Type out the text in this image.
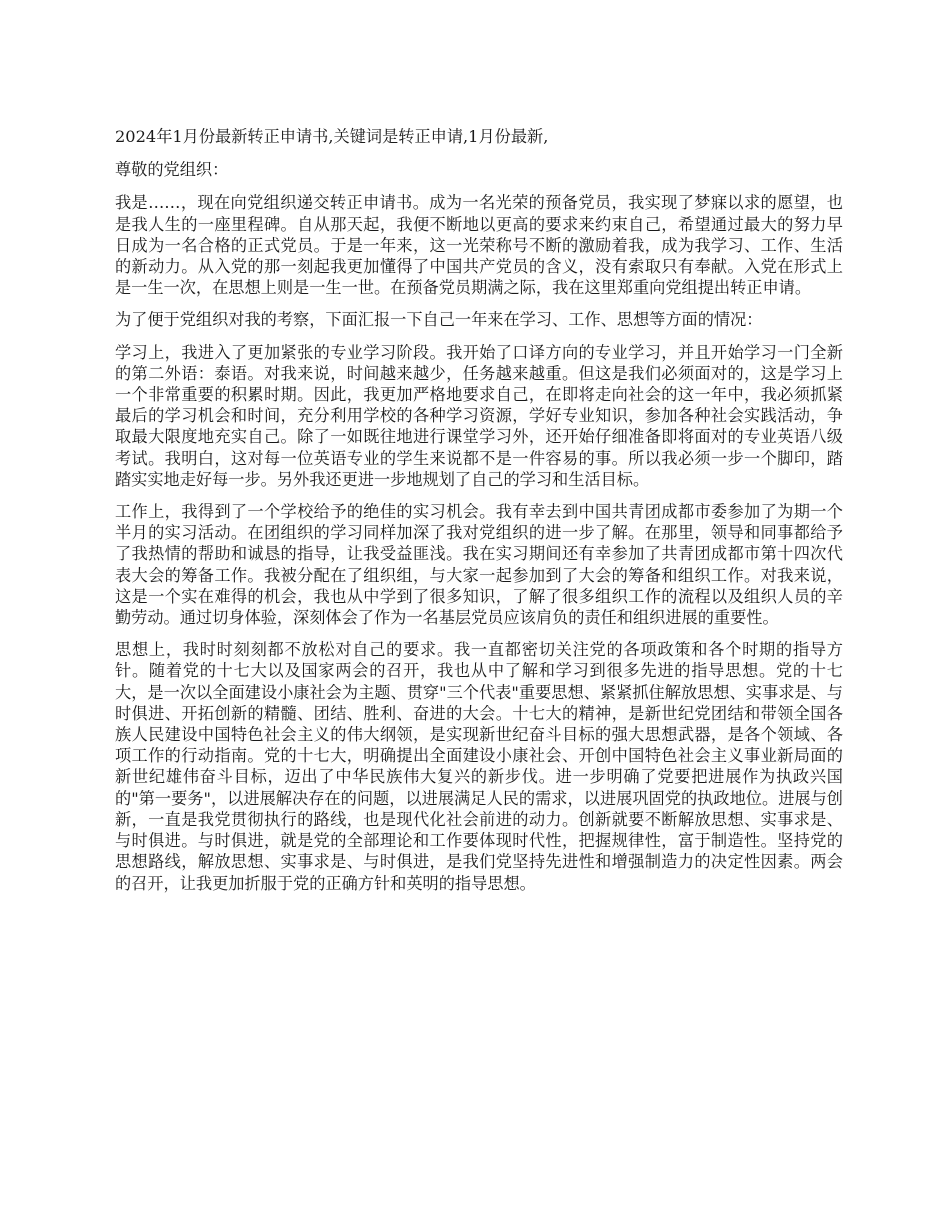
2024年1月份最新转正申请书,关键词是转正申请,1月份最新,

尊敬的党组织：

我是……，现在向党组织递交转正申请书。成为一名光荣的预备党员，我实现了梦寐以求的愿望，也是我人生的一座里程碑。自从那天起，我便不断地以更高的要求来约束自己，希望通过最大的努力早日成为一名合格的正式党员。于是一年来，这一光荣称号不断的激励着我，成为我学习、工作、生活的新动力。从入党的那一刻起我更加懂得了中国共产党员的含义，没有索取只有奉献。入党在形式上是一生一次，在思想上则是一生一世。在预备党员期满之际，我在这里郑重向党组提出转正申请。

为了便于党组织对我的考察，下面汇报一下自己一年来在学习、工作、思想等方面的情况：

学习上，我进入了更加紧张的专业学习阶段。我开始了口译方向的专业学习，并且开始学习一门全新的第二外语：泰语。对我来说，时间越来越少，任务越来越重。但这是我们必须面对的，这是学习上一个非常重要的积累时期。因此，我更加严格地要求自己，在即将走向社会的这一年中，我必须抓紧最后的学习机会和时间，充分利用学校的各种学习资源，学好专业知识，参加各种社会实践活动，争取最大限度地充实自己。除了一如既往地进行课堂学习外，还开始仔细准备即将面对的专业英语八级考试。我明白，这对每一位英语专业的学生来说都不是一件容易的事。所以我必须一步一个脚印，踏踏实实地走好每一步。另外我还更进一步地规划了自己的学习和生活目标。

工作上，我得到了一个学校给予的绝佳的实习机会。我有幸去到中国共青团成都市委参加了为期一个半月的实习活动。在团组织的学习同样加深了我对党组织的进一步了解。在那里，领导和同事都给予了我热情的帮助和诚恳的指导，让我受益匪浅。我在实习期间还有幸参加了共青团成都市第十四次代表大会的筹备工作。我被分配在了组织组，与大家一起参加到了大会的筹备和组织工作。对我来说，这是一个实在难得的机会，我也从中学到了很多知识，了解了很多组织工作的流程以及组织人员的辛勤劳动。通过切身体验，深刻体会了作为一名基层党员应该肩负的责任和组织进展的重要性。

思想上，我时时刻刻都不放松对自己的要求。我一直都密切关注党的各项政策和各个时期的指导方针。随着党的十七大以及国家两会的召开，我也从中了解和学习到很多先进的指导思想。党的十七大，是一次以全面建设小康社会为主题、贯穿"三个代表"重要思想、紧紧抓住解放思想、实事求是、与时俱进、开拓创新的精髓、团结、胜利、奋进的大会。十七大的精神，是新世纪党团结和带领全国各族人民建设中国特色社会主义的伟大纲领，是实现新世纪奋斗目标的强大思想武器，是各个领域、各项工作的行动指南。党的十七大，明确提出全面建设小康社会、开创中国特色社会主义事业新局面的新世纪雄伟奋斗目标，迈出了中华民族伟大复兴的新步伐。进一步明确了党要把进展作为执政兴国的"第一要务"，以进展解决存在的问题，以进展满足人民的需求，以进展巩固党的执政地位。进展与创新，一直是我党贯彻执行的路线，也是现代化社会前进的动力。创新就要不断解放思想、实事求是、与时俱进。与时俱进，就是党的全部理论和工作要体现时代性，把握规律性，富于制造性。坚持党的思想路线，解放思想、实事求是、与时俱进，是我们党坚持先进性和增强制造力的决定性因素。两会的召开，让我更加折服于党的正确方针和英明的指导思想。
